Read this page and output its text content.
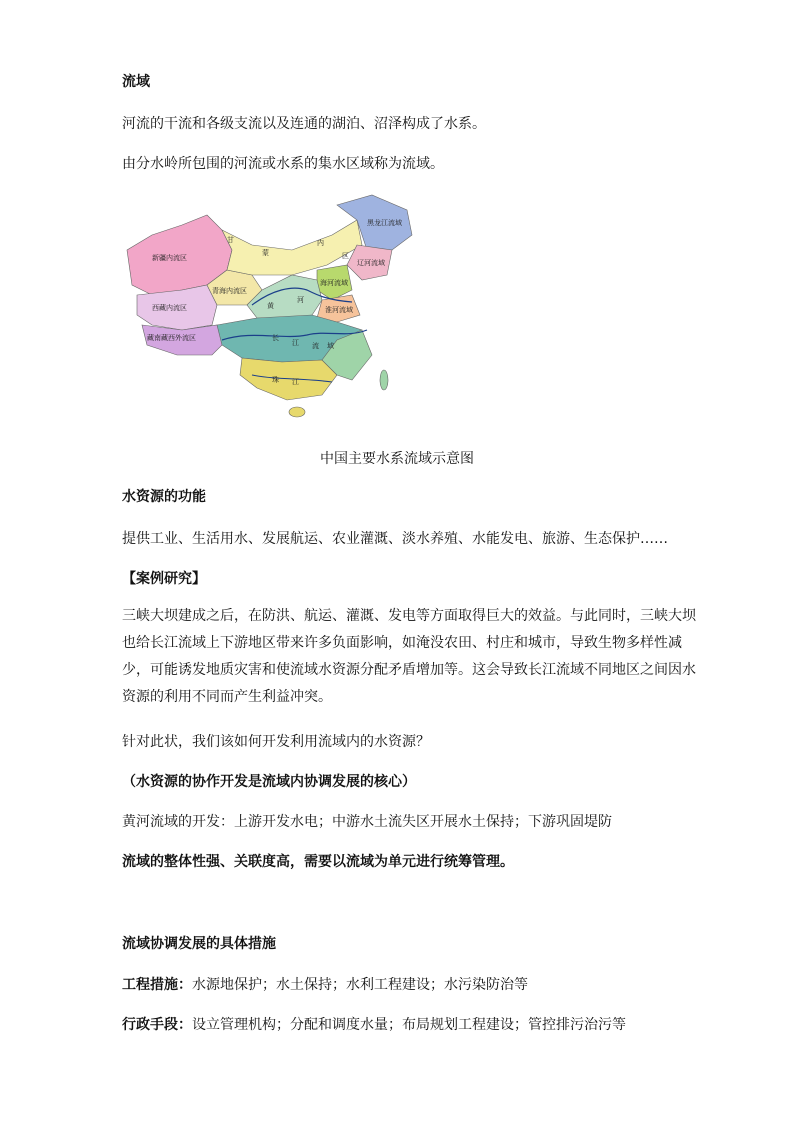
流域
河流的干流和各级支流以及连通的湖泊、沼泽构成了水系。
由分水岭所包围的河流或水系的集水区域称为流域。
新疆内流区
甘
蒙
内
青海内流区
西藏内流区	黄
河
长
江 流 域
珠 江
藏南藏西外流区
黑龙江流域
辽河流域
海河流域
淮河流域
区
中国主要水系流域示意图
水资源的功能
提供工业、生活用水、发展航运、农业灌溉、淡水养殖、水能发电、旅游、生态保护……
【案例研究】
三峡大坝建成之后，在防洪、航运、灌溉、发电等方面取得巨大的效益。与此同时，三峡大坝也给长江流域上下游地区带来许多负面影响，如淹没农田、村庄和城市，导致生物多样性减少，可能诱发地质灾害和使流域水资源分配矛盾增加等。这会导致长江流域不同地区之间因水资源的利用不同而产生利益冲突。
针对此状，我们该如何开发利用流域内的水资源？
（水资源的协作开发是流域内协调发展的核心）
黄河流域的开发：上游开发水电；中游水土流失区开展水土保持；下游巩固堤防
流域的整体性强、关联度高，需要以流域为单元进行统筹管理。
流域协调发展的具体措施
工程措施：水源地保护；水土保持；水利工程建设；水污染防治等
行政手段：设立管理机构；分配和调度水量；布局规划工程建设；管控排污治污等
